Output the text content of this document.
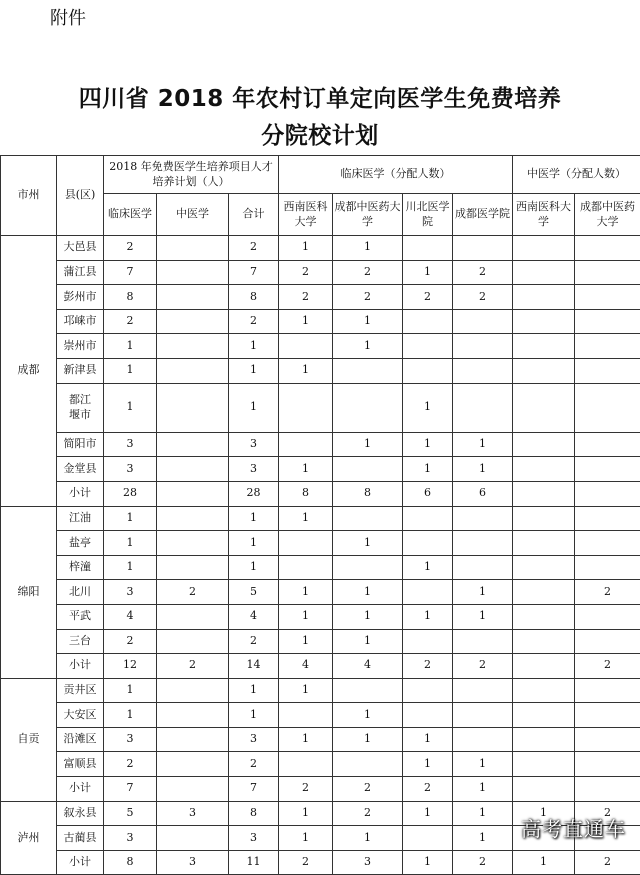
附件
四川省 2018 年农村订单定向医学生免费培养
分院校计划
市州	县(区)	2018 年免费医学生培养项目人才培养计划（人）			临床医学（分配人数）				中医学（分配人数）	
		临床医学	中医学	合计	西南医科大学	成都中医药大学	川北医学院	成都医学院	西南医科大学	成都中医药大学
成都	大邑县	2		2	1	1				
	蒲江县	7		7	2	2	1	2		
	彭州市	8		8	2	2	2	2		
	邛崃市	2		2	1	1				
	崇州市	1		1		1				
	新津县	1		1	1					
	都江堰市	1		1			1			
	简阳市	3		3		1	1	1		
	金堂县	3		3	1		1	1		
	小计	28		28	8	8	6	6		
绵阳	江油	1		1	1					
	盐亭	1		1		1				
	梓潼	1		1			1			
	北川	3	2	5	1	1		1		2
	平武	4		4	1	1	1	1		
	三台	2		2	1	1				
	小计	12	2	14	4	4	2	2		2
自贡	贡井区	1		1	1					
	大安区	1		1		1				
	沿滩区	3		3	1	1	1			
	富顺县	2		2			1	1		
	小计	7		7	2	2	2	1		
泸州	叙永县	5	3	8	1	2	1	1	1	2
	古蔺县	3		3	1	1		1		
	小计	8	3	11	2	3	1	2	1	2
高考直通车
